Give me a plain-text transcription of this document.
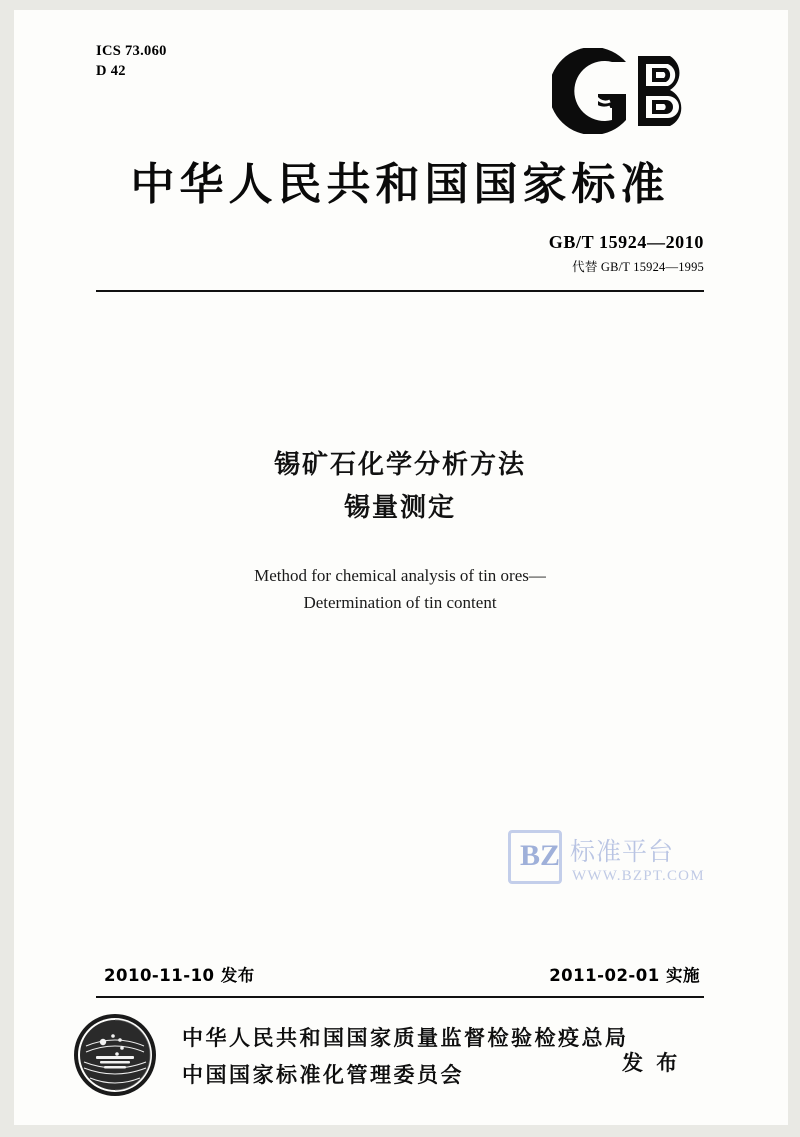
ICS 73.060
D 42
中华人民共和国国家标准
GB/T 15924—2010
代替 GB/T 15924—1995
锡矿石化学分析方法
锡量测定
Method for chemical analysis of tin ores—
Determination of tin content
BZ 标准平台
WWW.BZPT.COM
2010-11-10 发布	2011-02-01 实施
中华人民共和国国家质量监督检验检疫总局
中国国家标准化管理委员会	发 布
